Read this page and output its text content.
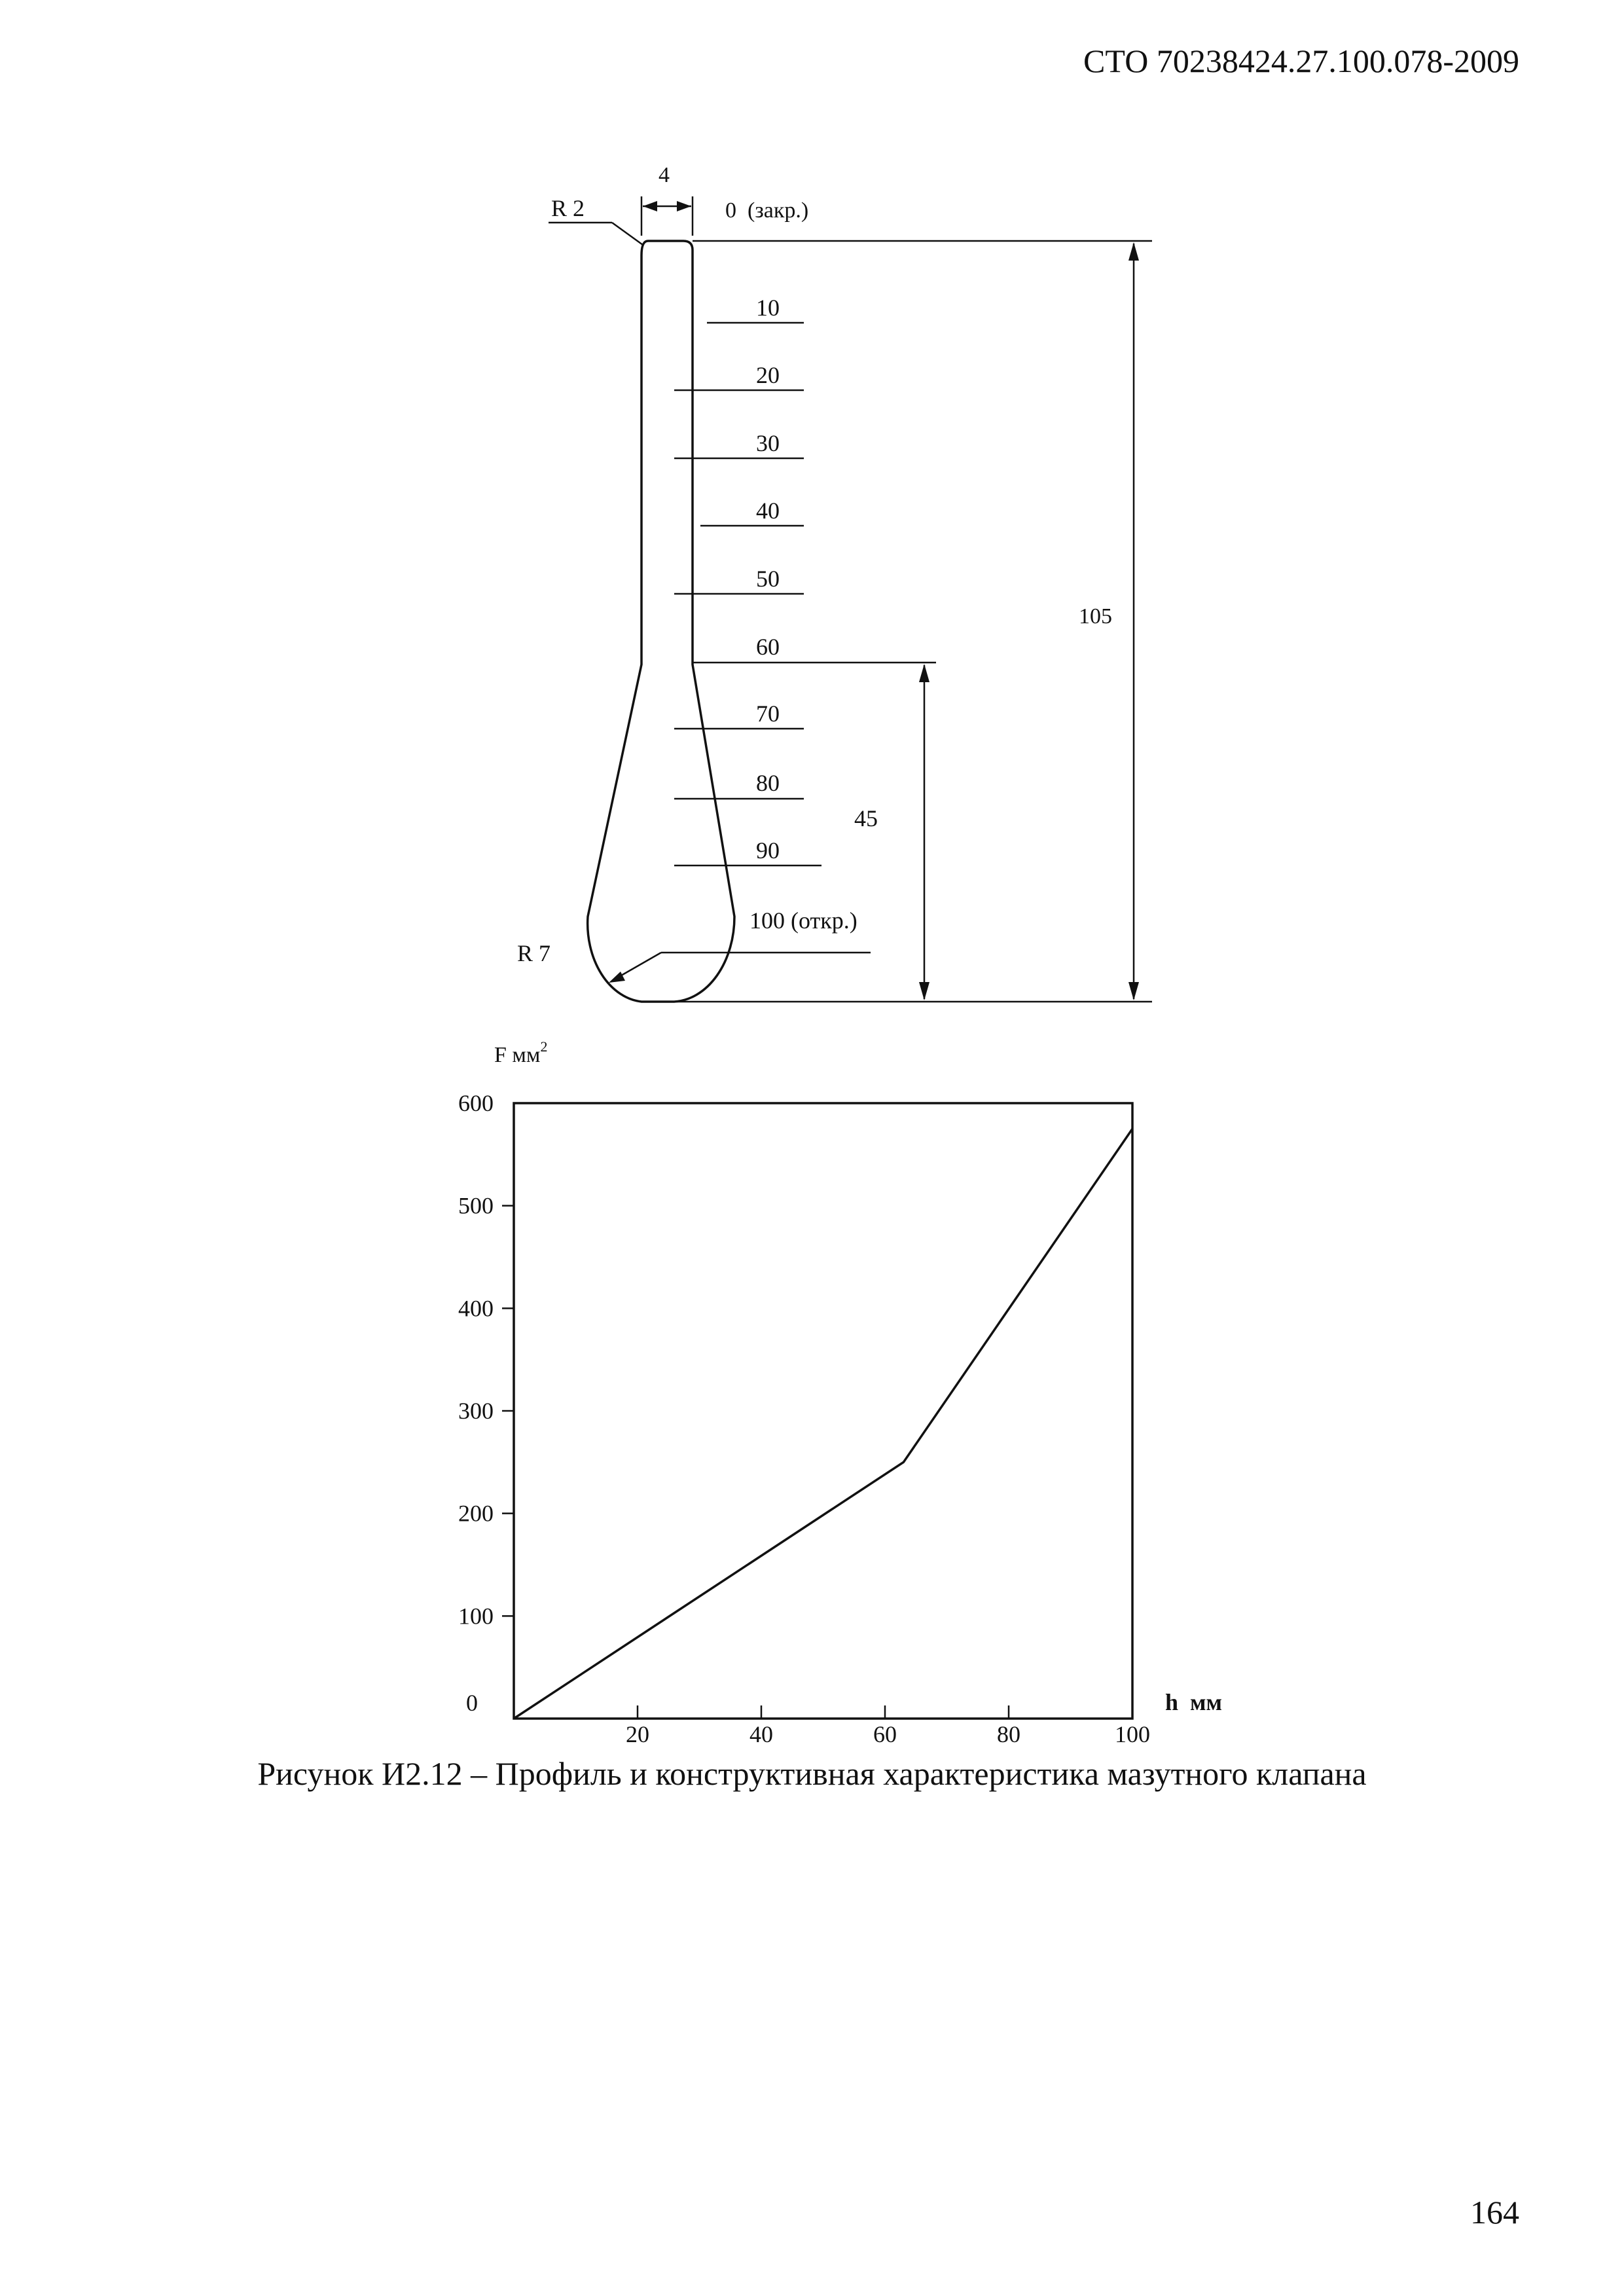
СТО 70238424.27.100.078-2009
4
R 2
R 7
0  (закр.)
10
20
30
40
50
60
70
80
90
100 (откр.)
105
45
0
100
200
300
400
500
600
20	40	60	80	100
F $мм^2$
h  мм
Рисунок И2.12 – Профиль и конструктивная характеристика мазутного клапана
164
